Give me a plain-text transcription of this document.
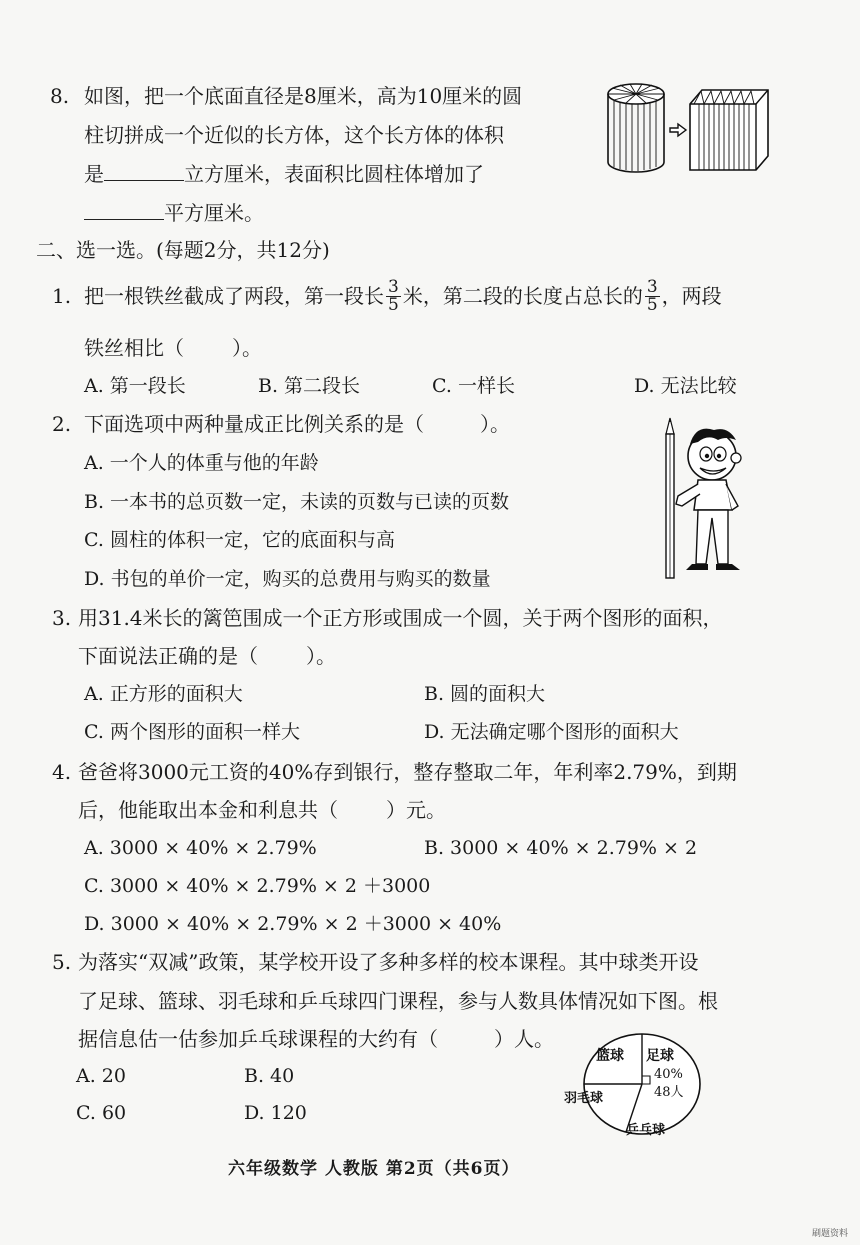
8. 如图，把一个底面直径是8厘米，高为10厘米的圆
柱切拼成一个近似的长方体，这个长方体的体积
是	立方厘米，表面积比圆柱体增加了
平方厘米。
二、选一选。(每题2分，共12分)
1. 把一根铁丝截成了两段，第一段长 $\frac{3}{5}$ 米，第二段的长度占总长的 $\frac{3}{5}$ ，两段
铁丝相比（ ）。
A. 第一段长	B. 第二段长	C. 一样长	D. 无法比较
2. 下面选项中两种量成正比例关系的是（	）。
A. 一个人的体重与他的年龄
B. 一本书的总页数一定，未读的页数与已读的页数
C. 圆柱的体积一定，它的底面积与高
D. 书包的单价一定，购买的总费用与购买的数量
3. 用31.4米长的篱笆围成一个正方形或围成一个圆，关于两个图形的面积，
下面说法正确的是（ ）。
A. 正方形的面积大	B. 圆的面积大
C. 两个图形的面积一样大	D. 无法确定哪个图形的面积大
4. 爸爸将3000元工资的40%存到银行，整存整取二年，年利率2.79%，到期
后，他能取出本金和利息共（ ）元。
A. 3000 × 40% × 2.79%	B. 3000 × 40% × 2.79% × 2
C. 3000 × 40% × 2.79% × 2 ＋3000
D. 3000 × 40% × 2.79% × 2 ＋3000 × 40%
5. 为落实“双减”政策，某学校开设了多种多样的校本课程。其中球类开设
了足球、篮球、羽毛球和乒乓球四门课程，参与人数具体情况如下图。根
据信息估一估参加乒乓球课程的大约有（	）人。
A. 20	B. 40
C. 60	D. 120
篮球 足球
40%
48人
羽毛球
乒乓球
六年级数学 人教版 第2页（共6页）
刷题资料
